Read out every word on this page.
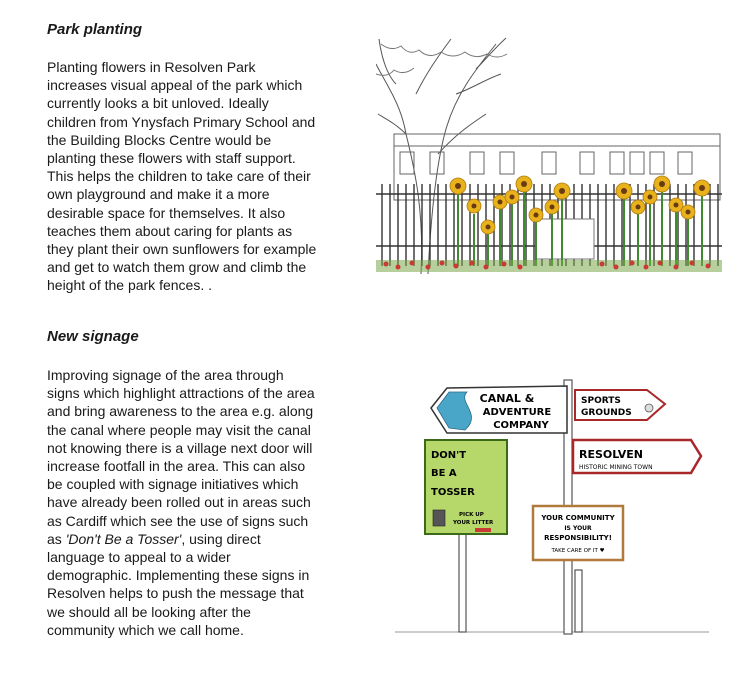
Park planting

Planting flowers in Resolven Park
increases visual appeal of the park which
currently looks a bit unloved. Ideally
children from Ynysfach Primary School and
the Building Blocks Centre would be
planting these flowers with staff support.
This helps the children to take care of their
own playground and make it a more
desirable space for themselves. It also
teaches them about caring for plants as
they plant their own sunflowers for example
and get to watch them grow and climb the
height of the park fences. .

New signage

Improving signage of the area through
signs which highlight attractions of the area
and bring awareness to the area e.g. along
the canal where people may visit the canal
not knowing there is a village next door will
increase footfall in the area. This can also
be coupled with signage initiatives which
have already been rolled out in areas such
as Cardiff which see the use of signs such
as 'Don't Be a Tosser', using direct
language to appeal to a wider
demographic. Implementing these signs in
Resolven helps to push the message that
we should all be looking after the
community which we call home.

CANAL &
ADVENTURE
COMPANY
SPORTS
GROUNDS
RESOLVEN
HISTORIC MINING TOWN
DON'T
BE A
TOSSER
PICK UP
YOUR LITTER
YOUR COMMUNITY
IS YOUR
RESPONSIBILITY!
TAKE CARE OF IT ♥
